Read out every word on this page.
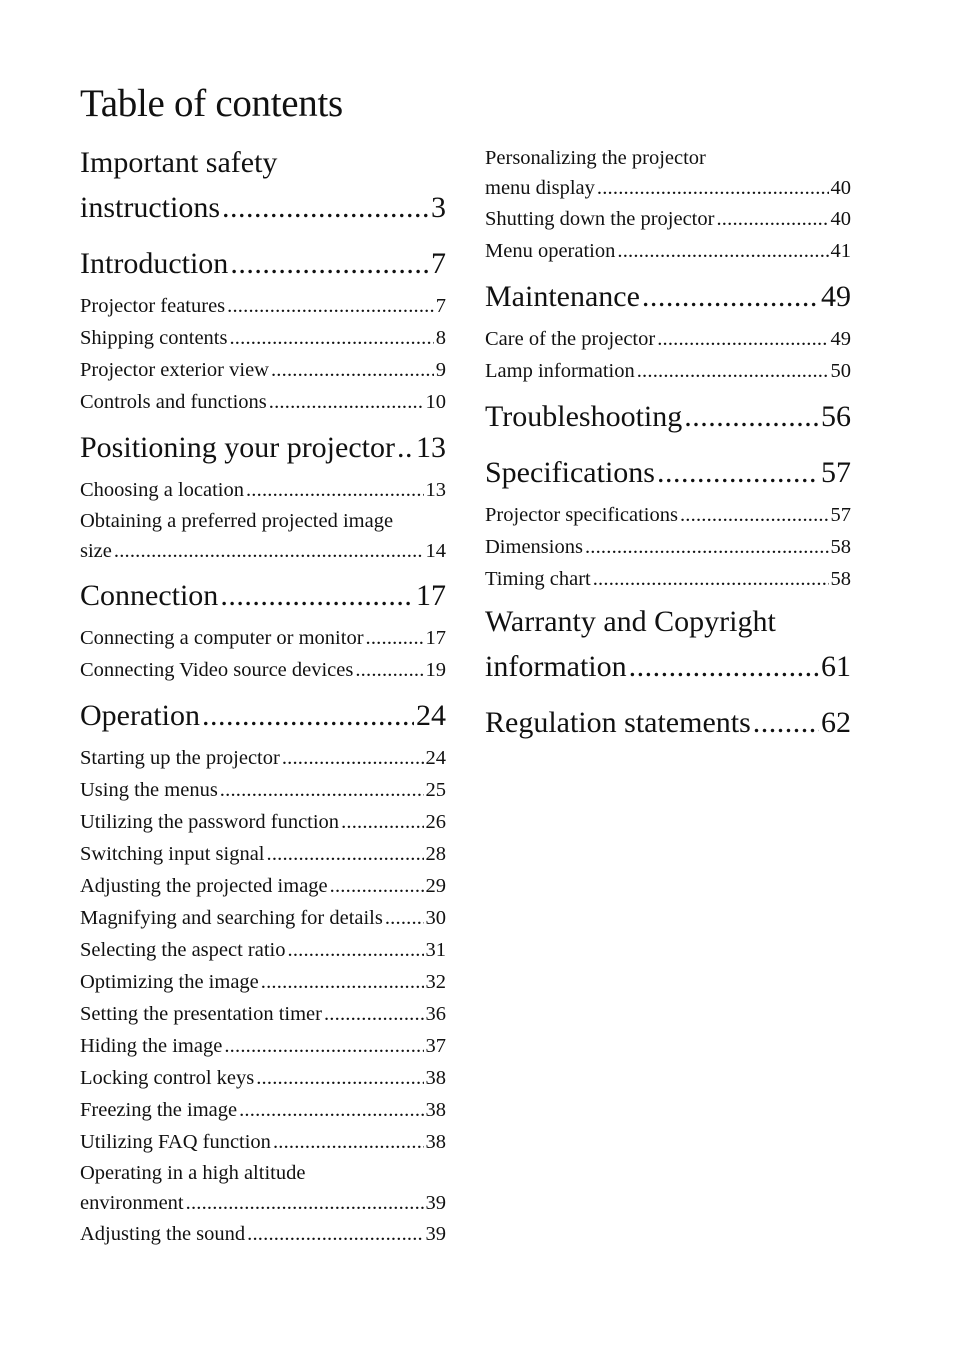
Table of contents
Important safety
instructions .....	3
Introduction .....	7
Projector features .....	7
Shipping contents .....	8
Projector exterior view .....	9
Controls and functions .....	10
Positioning your projector ..... 13
Choosing a location .....	13
Obtaining a preferred projected image
size .....	14
Connection .....	17
Connecting a computer or monitor .....	17
Connecting Video source devices .....	19
Operation .....	24
Starting up the projector .....	24
Using the menus .....	25
Utilizing the password function .....	26
Switching input signal .....	28
Adjusting the projected image .....	29
Magnifying and searching for details ..... 30
Selecting the aspect ratio .....	31
Optimizing the image .....	32
Setting the presentation timer .....	36
Hiding the image .....	37
Locking control keys .....	38
Freezing the image .....	38
Utilizing FAQ function .....	38
Operating in a high altitude
environment .....	39
Adjusting the sound .....	39
Personalizing the projector
menu display .....	40
Shutting down the projector .....	40
Menu operation .....	41
Maintenance .....	49
Care of the projector .....	49
Lamp information .....	50
Troubleshooting .....	56
Specifications .....	57
Projector specifications .....	57
Dimensions .....	58
Timing chart .....	58
Warranty and Copyright
information .....	61
Regulation statements ..... 62
